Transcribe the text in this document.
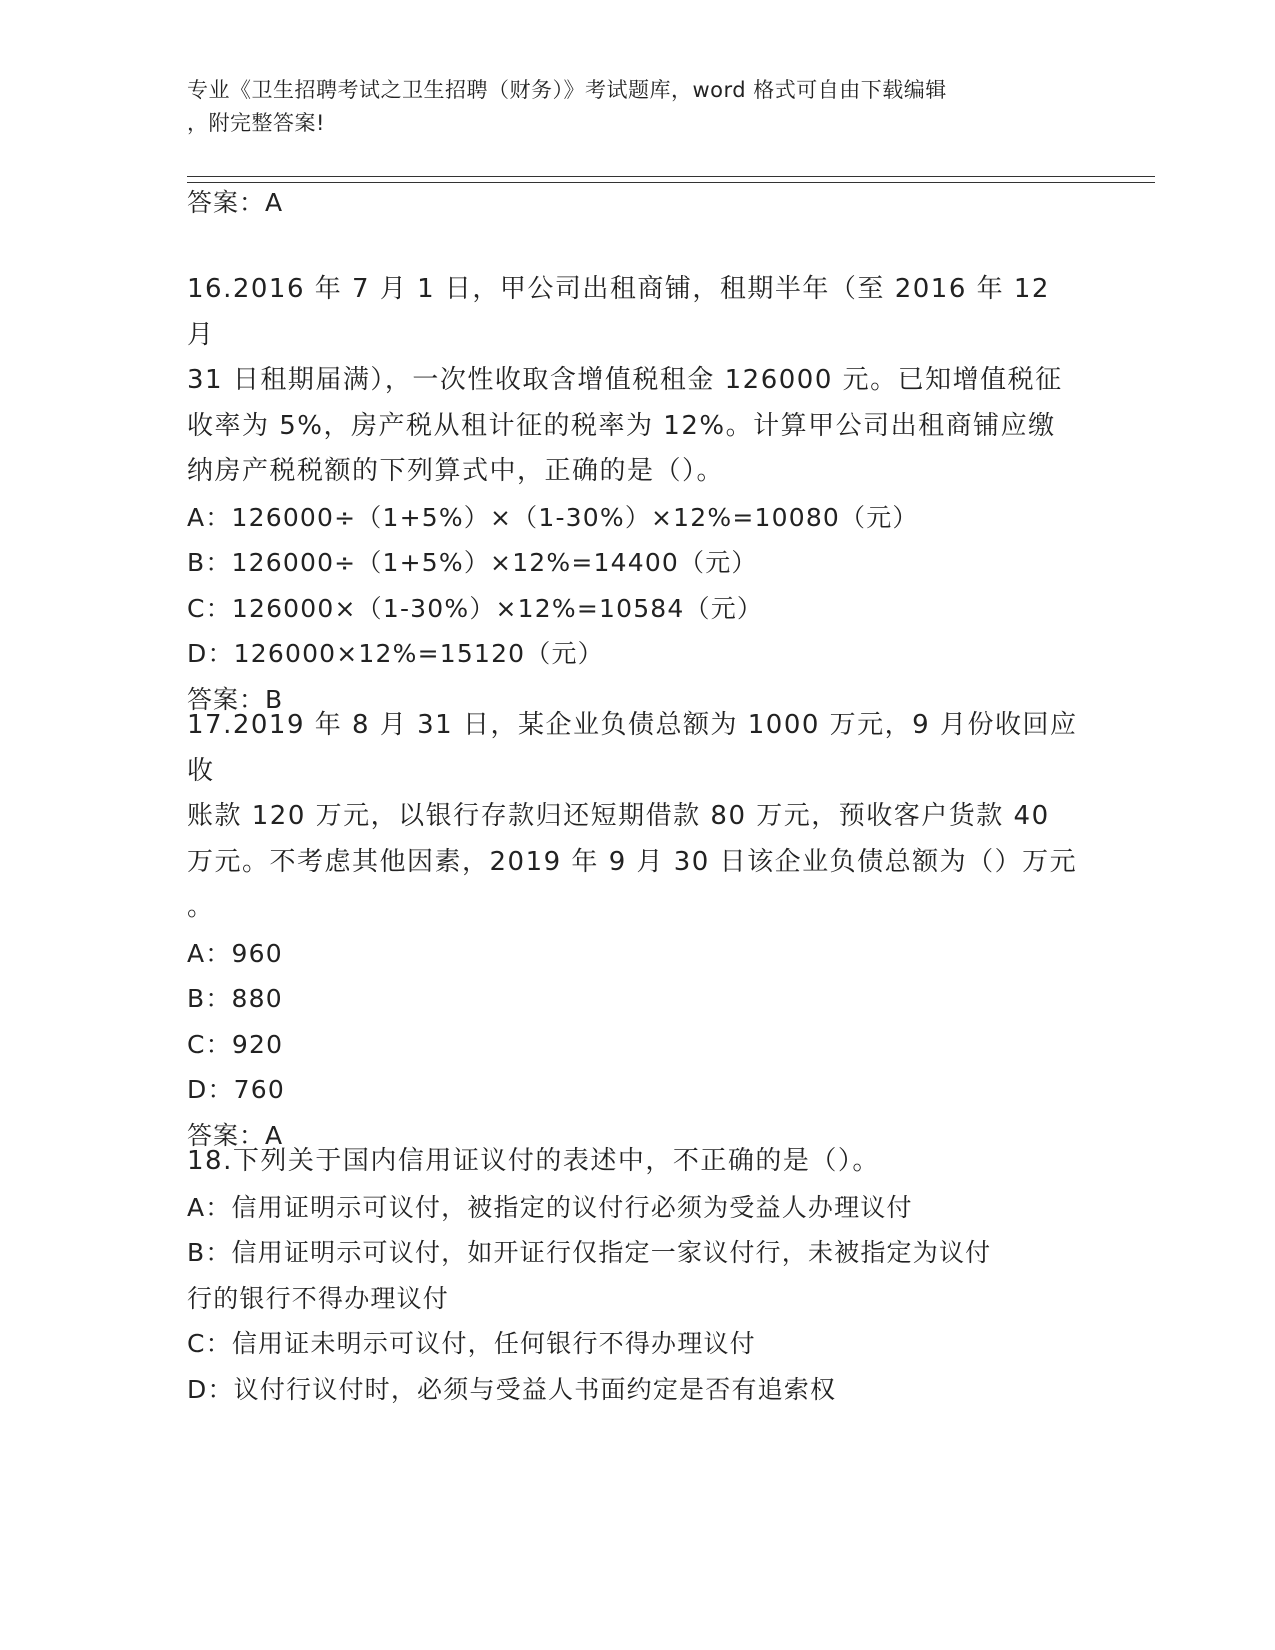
专业《卫生招聘考试之卫生招聘（财务）》考试题库，word 格式可自由下载编辑
，附完整答案!
答案：A
16.2016 年 7 月 1 日，甲公司出租商铺，租期半年（至 2016 年 12 月
31 日租期届满），一次性收取含增值税租金 126000 元。已知增值税征
收率为 5%，房产税从租计征的税率为 12%。计算甲公司出租商铺应缴
纳房产税税额的下列算式中，正确的是（）。
A：126000÷（1+5%）×（1-30%）×12%=10080（元）
B：126000÷（1+5%）×12%=14400（元）
C：126000×（1-30%）×12%=10584（元）
D：126000×12%=15120（元）
答案：B
17.2019 年 8 月 31 日，某企业负债总额为 1000 万元，9 月份收回应收
账款 120 万元，以银行存款归还短期借款 80 万元，预收客户货款 40
万元。不考虑其他因素，2019 年 9 月 30 日该企业负债总额为（）万元
。
A：960
B：880
C：920
D：760
答案：A
18.下列关于国内信用证议付的表述中，不正确的是（）。
A：信用证明示可议付，被指定的议付行必须为受益人办理议付
B：信用证明示可议付，如开证行仅指定一家议付行，未被指定为议付
行的银行不得办理议付
C：信用证未明示可议付，任何银行不得办理议付
D：议付行议付时，必须与受益人书面约定是否有追索权
